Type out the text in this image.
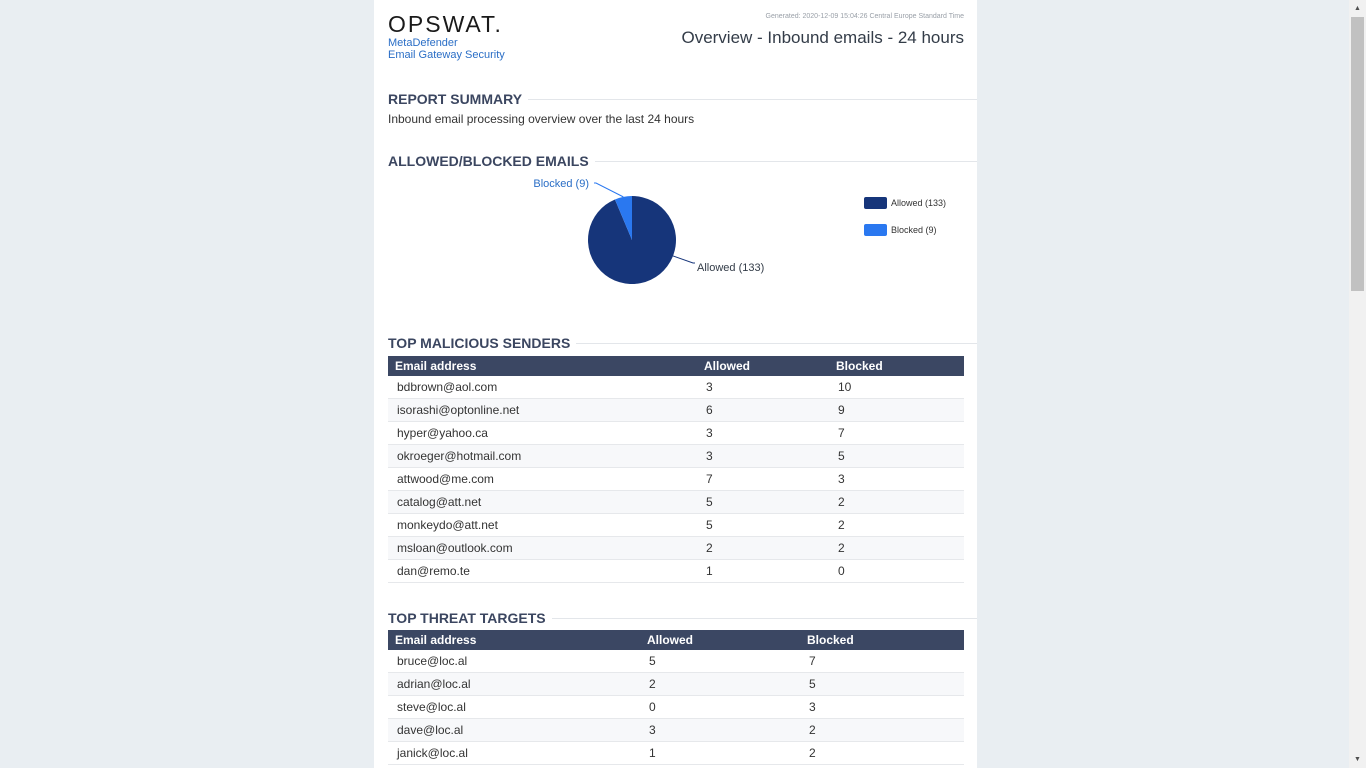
OPSWAT.
MetaDefender
Email Gateway Security
Generated: 2020-12-09 15:04:26 Central Europe Standard Time
Overview - Inbound emails - 24 hours
REPORT SUMMARY
Inbound email processing overview over the last 24 hours
ALLOWED/BLOCKED EMAILS
Allowed (133)
Blocked (9)
Allowed (133)
Blocked (9)
TOP MALICIOUS SENDERS
Email address	Allowed	Blocked
bdbrown@aol.com	3	10
isorashi@optonline.net	6	9
hyper@yahoo.ca	3	7
okroeger@hotmail.com	3	5
attwood@me.com	7	3
catalog@att.net	5	2
monkeydo@att.net	5	2
msloan@outlook.com	2	2
dan@remo.te	1	0
TOP THREAT TARGETS
Email address	Allowed	Blocked
bruce@loc.al	5	7
adrian@loc.al	2	5
steve@loc.al	0	3
dave@loc.al	3	2
janick@loc.al	1	2
▲
▼
